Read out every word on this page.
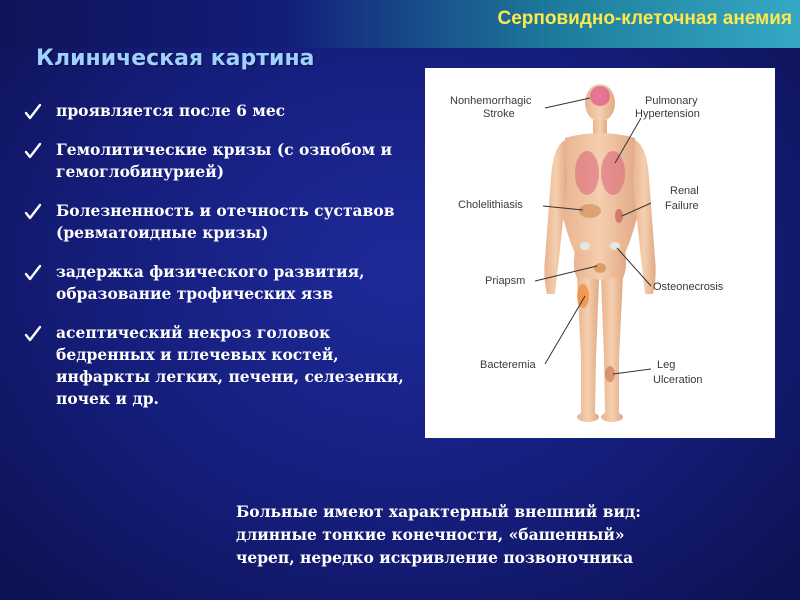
Серповидно-клеточная анемия
Клиническая картина
проявляется после 6 мес
Гемолитические кризы (с ознобом и гемоглобинурией)
Болезненность и отечность суставов (ревматоидные кризы)
задержка физического развития, образование трофических язв
асептический некроз головок бедренных и плечевых костей, инфаркты легких, печени, селезенки, почек и др.
Nonhemorrhagic
Stroke
Pulmonary
Hypertension
Cholelithiasis
Renal
Failure
Priapsm	Osteonecrosis
Bacteremia	Leg
Ulceration
Больные имеют характерный внешний вид:
длинные тонкие конечности, «башенный»
череп, нередко искривление позвоночника
